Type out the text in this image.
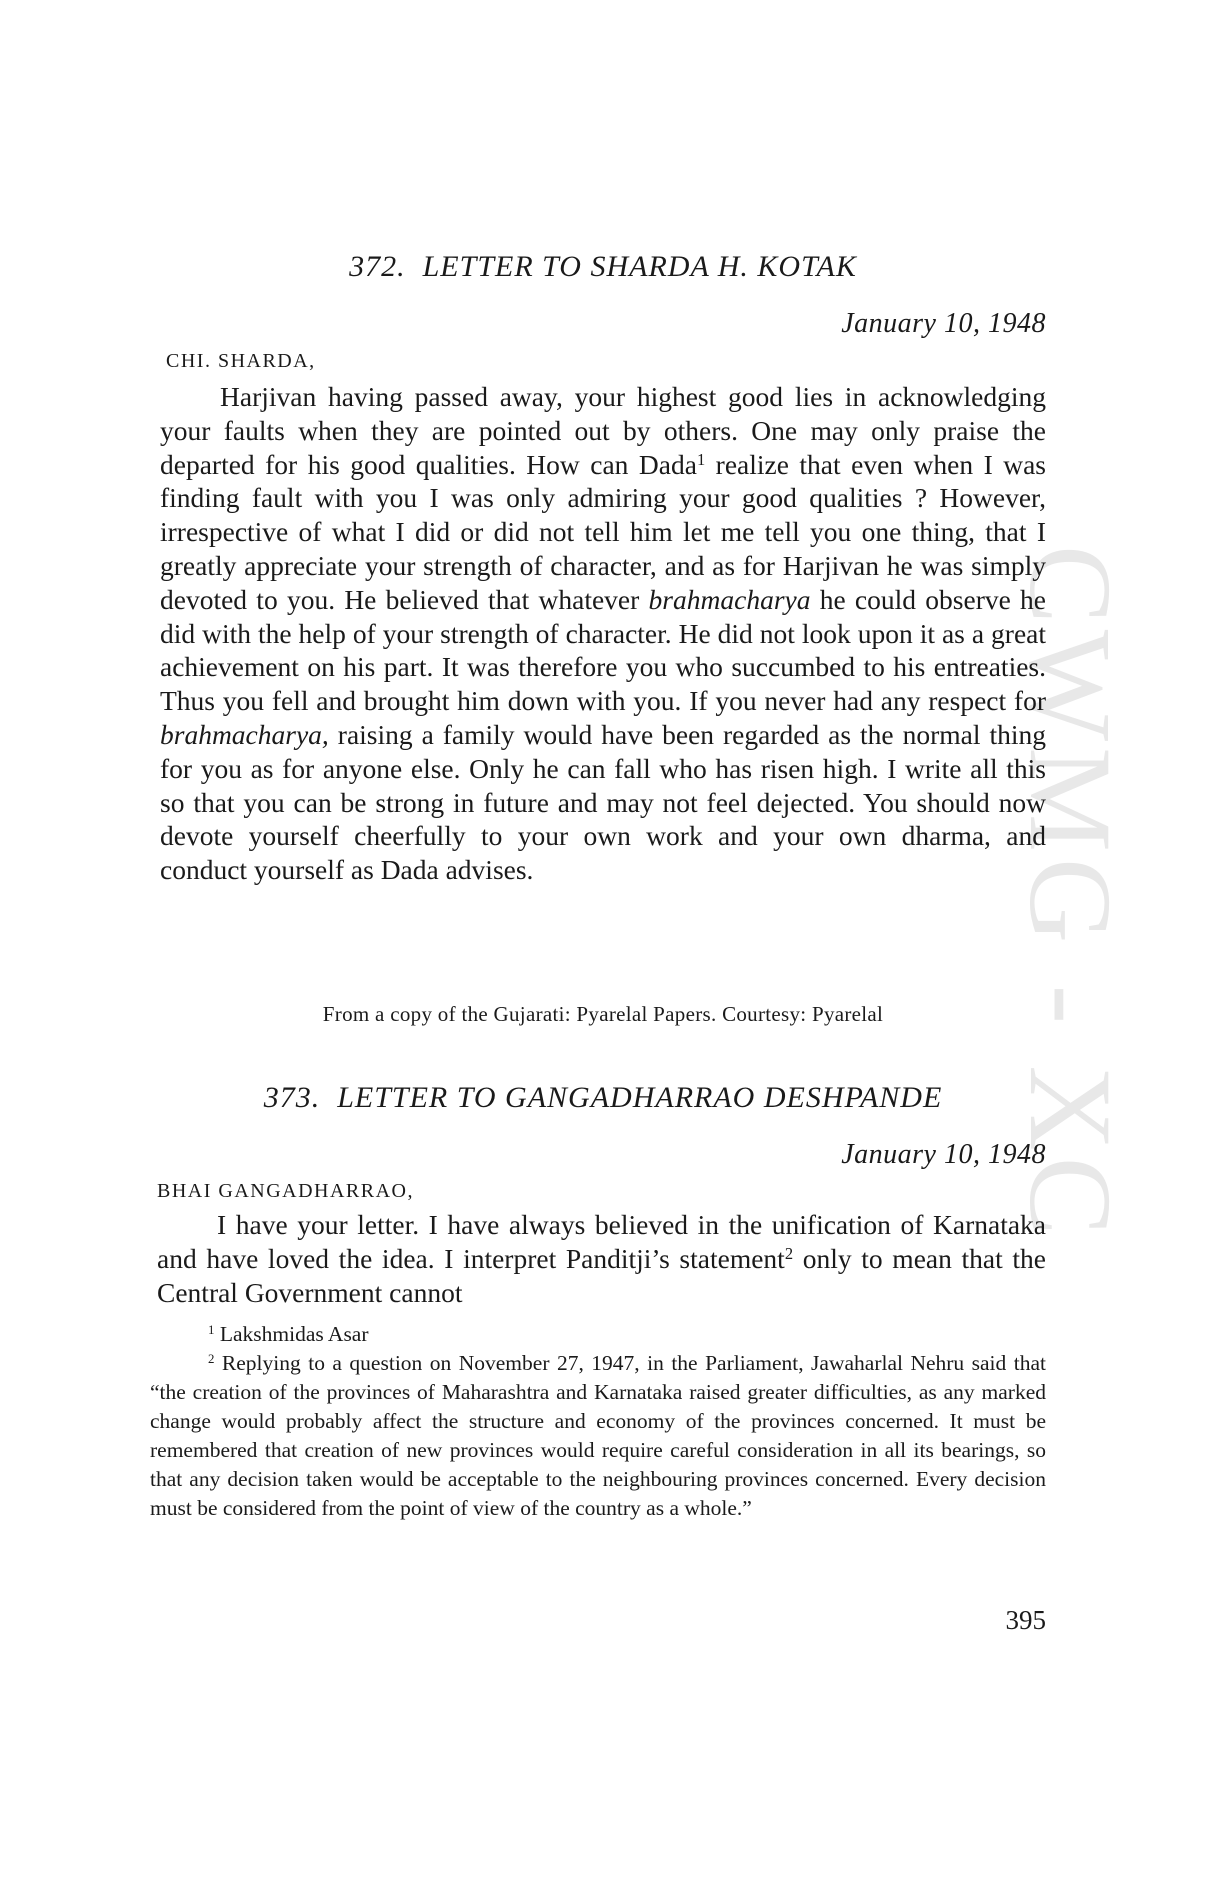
CWMG - XC
372. LETTER TO SHARDA H. KOTAK
January 10, 1948
CHI. SHARDA,

Harjivan having passed away, your highest good lies in acknowledging your faults when they are pointed out by others. One may only praise the departed for his good qualities. How can Dada$^1$ realize that even when I was finding fault with you I was only admiring your good qualities ? However, irrespective of what I did or did not tell him let me tell you one thing, that I greatly appreciate your strength of character, and as for Harjivan he was simply devoted to you. He believed that whatever brahmacharya he could observe he did with the help of your strength of character. He did not look upon it as a great achievement on his part. It was therefore you who succumbed to his entreaties. Thus you fell and brought him down with you. If you never had any respect for brahmacharya, raising a family would have been regarded as the normal thing for you as for anyone else. Only he can fall who has risen high. I write all this so that you can be strong in future and may not feel dejected. You should now devote yourself cheerfully to your own work and your own dharma, and conduct yourself as Dada advises.

From a copy of the Gujarati: Pyarelal Papers. Courtesy: Pyarelal
373. LETTER TO GANGADHARRAO DESHPANDE
January 10, 1948
BHAI GANGADHARRAO,

I have your letter. I have always believed in the unification of Karnataka and have loved the idea. I interpret Panditji’s statement$^2$ only to mean that the Central Government cannot

$^1$ Lakshmidas Asar

$^2$ Replying to a question on November 27, 1947, in the Parliament, Jawaharlal Nehru said that “the creation of the provinces of Maharashtra and Karnataka raised greater difficulties, as any marked change would probably affect the structure and economy of the provinces concerned. It must be remembered that creation of new provinces would require careful consideration in all its bearings, so that any decision taken would be acceptable to the neighbouring provinces concerned. Every decision must be considered from the point of view of the country as a whole.”

395
